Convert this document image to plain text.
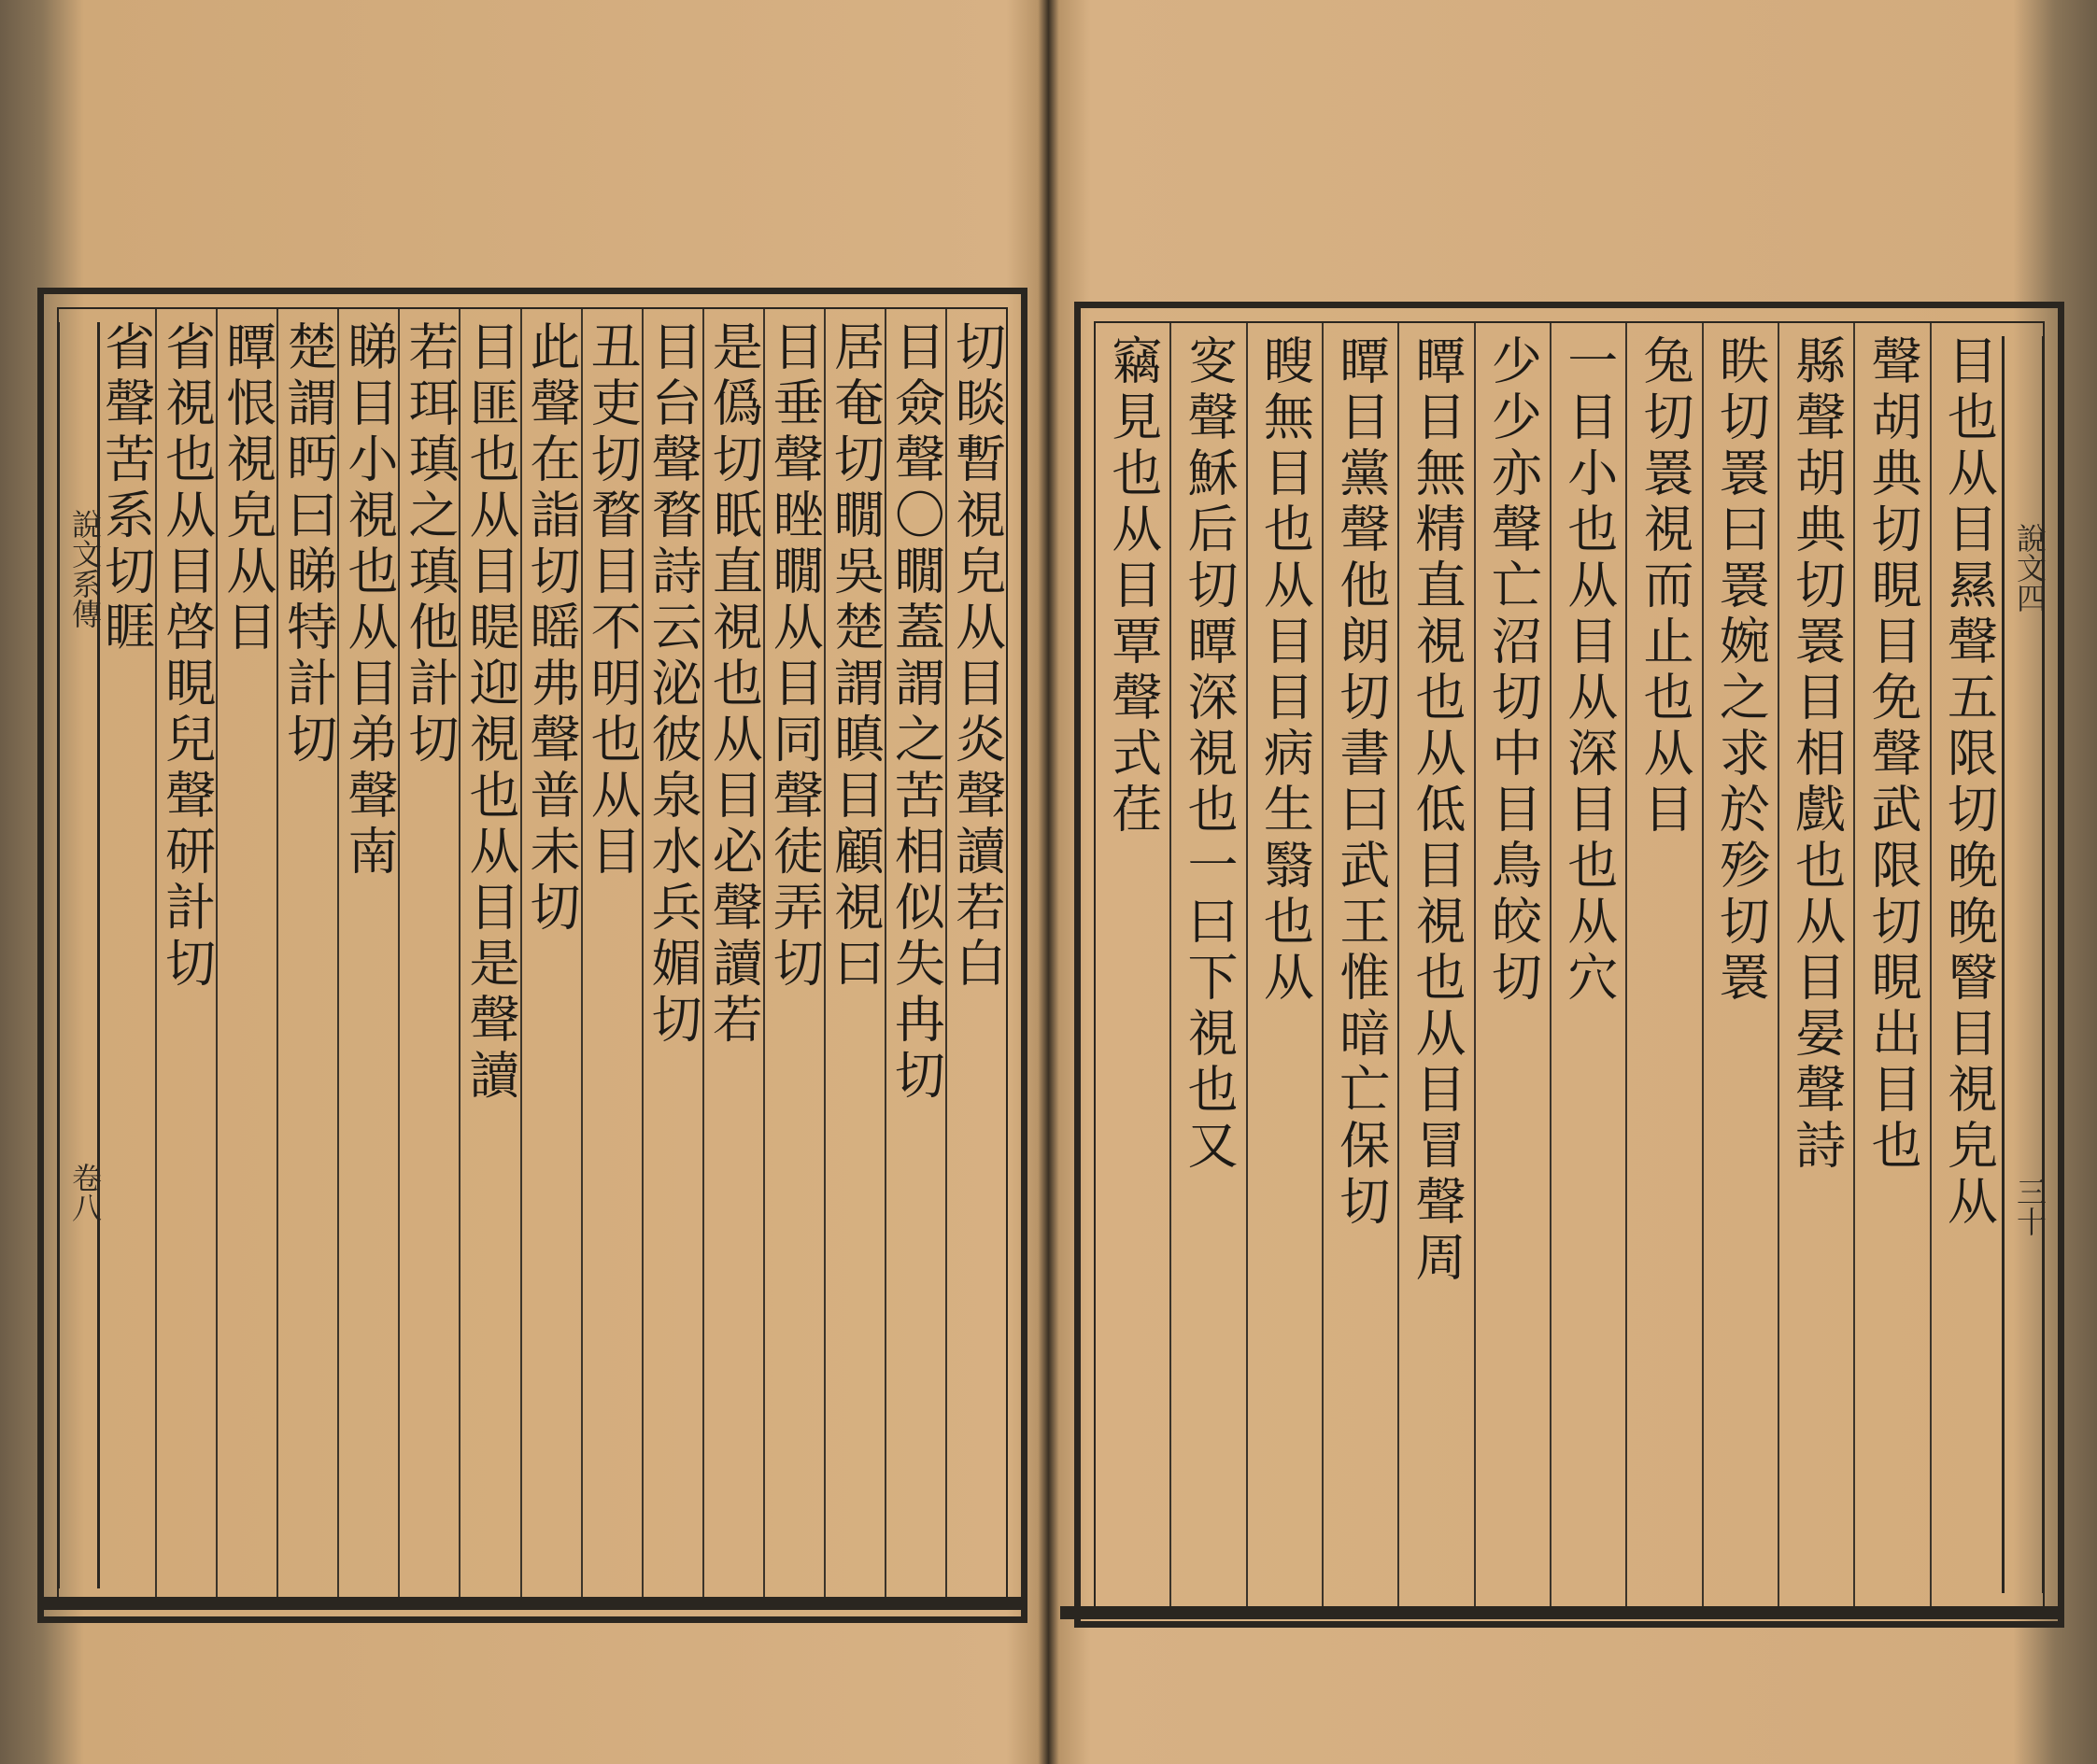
說文系傳
卷八
切睒暫視皃从目炎聲讀若白
目僉聲〇瞯蓋謂之苦相似失冉切
居奄切瞯吳楚謂瞋目顧視曰
目垂聲睉瞯从目同聲徒弄切
是僞切眂直視也从目必聲讀若
目台聲瞀詩云泌彼泉水兵媚切
丑吏切瞀目不明也从目
此聲在詣切䁘弗聲普未切
目匪也从目睼迎視也从目是聲讀
若珥瑱之瑱他計切
睇目小視也从目弟聲南
楚謂眄曰睇特計切
瞫恨視皃从目
省視也从目啓睍兒聲研計切
省聲苦系切睚	說文四
三十
目也从目㬎聲五限切晚晚瞖目視皃从
聲胡典切睍目免聲武限切睍出目也
縣聲胡典切瞏目相戲也从目晏聲詩
眣切瞏曰瞏婉之求於殄切瞏
兔切瞏視而止也从目
一目小也从目从深目也从穴
少少亦聲亡沼切中目鳥皎切
瞫目無精直視也从低目視也从目冒聲周
瞫目黨聲他朗切書曰武王惟暗亡保切
瞍無目也从目目病生翳也从
叜聲穌后切瞫深視也一曰下視也又
竊見也从目覃聲式荏
